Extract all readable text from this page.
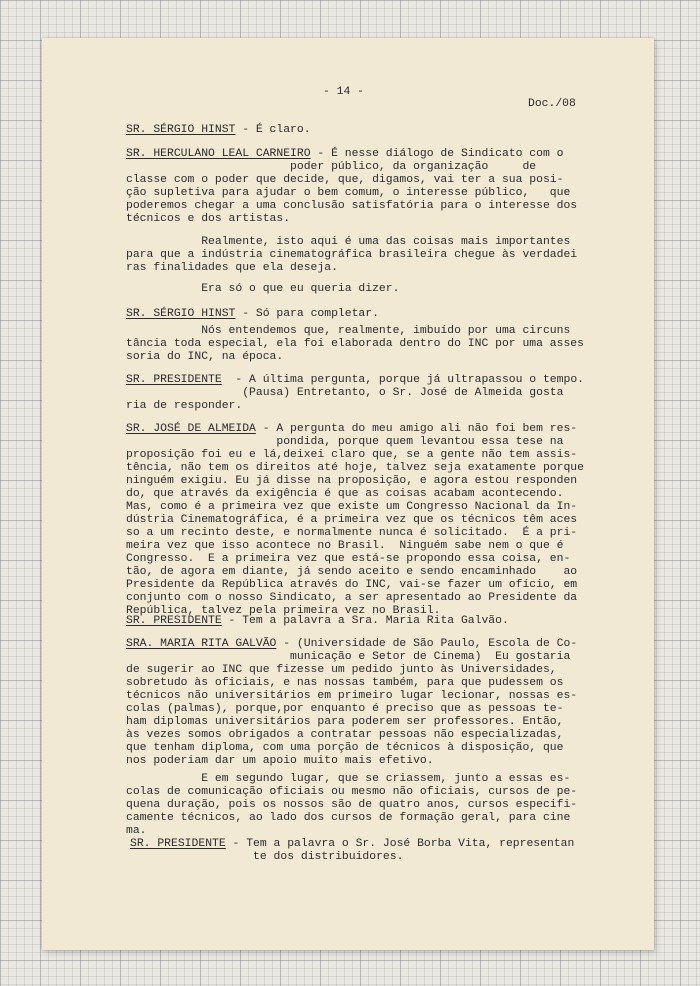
- 14 -
Doc./08
SR. SÉRGIO HINST - É claro.
SR. HERCULANO LEAL CARNEIRO - É nesse diálogo de Sindicato com o
poder público, da organização     de
classe com o poder que decide, que, digamos, vai ter a sua posi-
ção supletiva para ajudar o bem comum, o interesse público,   que
poderemos chegar a uma conclusão satisfatória para o interesse dos
técnicos e dos artistas.
Realmente, isto aqui é uma das coisas mais importantes
para que a indústria cinematográfica brasileira chegue às verdadei
ras finalidades que ela deseja.
Era só o que eu queria dizer.
SR. SÉRGIO HINST - Só para completar.
Nós entendemos que, realmente, imbuído por uma circuns
tância toda especial, ela foi elaborada dentro do INC por uma asses
soria do INC, na época.
SR. PRESIDENTE  - A última pergunta, porque já ultrapassou o tempo.
(Pausa) Entretanto, o Sr. José de Almeida gosta
ria de responder.
SR. JOSÉ DE ALMEIDA - A pergunta do meu amigo ali não foi bem res-
pondida, porque quem levantou essa tese na
proposição foi eu e lá,deixei claro que, se a gente não tem assis-
tência, não tem os direitos até hoje, talvez seja exatamente porque
ninguém exigiu. Eu já disse na proposição, e agora estou responden
do, que através da exigência é que as coisas acabam acontecendo.
Mas, como é a primeira vez que existe um Congresso Nacional da In-
dústria Cinematográfica, é a primeira vez que os técnicos têm aces
so a um recinto deste, e normalmente nunca é solicitado.  É a pri-
meira vez que isso acontece no Brasil.  Ninguém sabe nem o que é
Congresso.  E a primeira vez que está-se propondo essa coisa, en-
tão, de agora em diante, já sendo aceito e sendo encaminhado    ao
Presidente da República através do INC, vai-se fazer um ofício, em
conjunto com o nosso Sindicato, a ser apresentado ao Presidente da
República, talvez pela primeira vez no Brasil.
SR. PRESIDENTE - Tem a palavra a Sra. Maria Rita Galvão.
SRA. MARIA RITA GALVÃO - (Universidade de São Paulo, Escola de Co-
municação e Setor de Cinema)  Eu gostaria
de sugerir ao INC que fizesse um pedido junto às Universidades,
sobretudo às oficiais, e nas nossas também, para que pudessem os
técnicos não universitários em primeiro lugar lecionar, nossas es-
colas (palmas), porque,por enquanto é preciso que as pessoas te-
ham diplomas universitários para poderem ser professores. Então,
às vezes somos obrigados a contratar pessoas não especializadas,
que tenham diploma, com uma porção de técnicos à disposição, que
nos poderiam dar um apoio muito mais efetivo.
E em segundo lugar, que se criassem, junto a essas es-
colas de comunicação oficiais ou mesmo não oficiais, cursos de pe-
quena duração, pois os nossos são de quatro anos, cursos especifi-
camente técnicos, ao lado dos cursos de formação geral, para cine
ma.
SR. PRESIDENTE - Tem a palavra o Sr. José Borba Vita, representan
te dos distribuidores.
